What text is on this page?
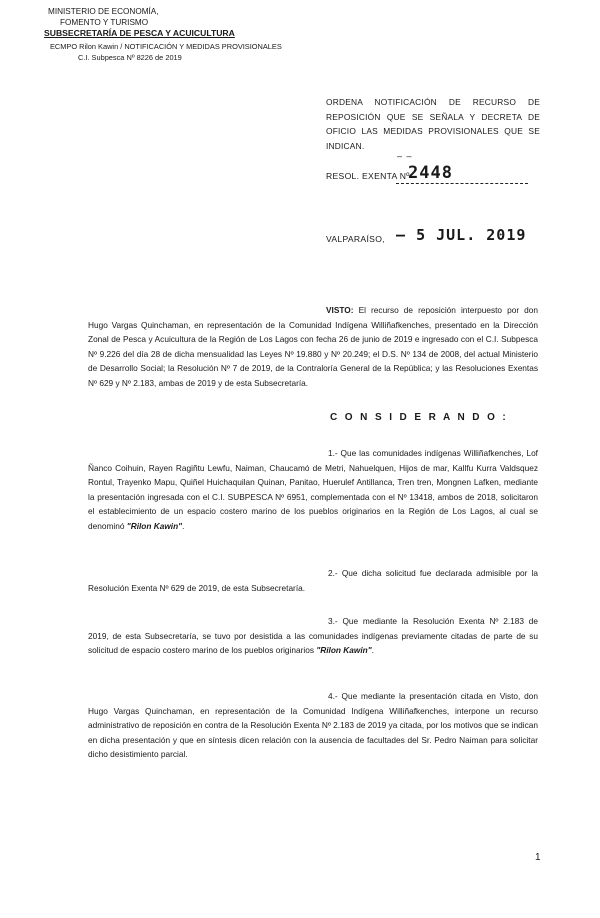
MINISTERIO DE ECONOMÍA,
FOMENTO Y TURISMO
SUBSECRETARÍA DE PESCA Y ACUICULTURA
ECMPO Rilon Kawin / NOTIFICACIÓN Y MEDIDAS PROVISIONALES
C.I. Subpesca Nº 8226 de 2019
ORDENA NOTIFICACIÓN DE RECURSO DE REPOSICIÓN QUE SE SEÑALA Y DECRETA DE OFICIO LAS MEDIDAS PROVISIONALES QUE SE INDICAN.
– –
RESOL. EXENTA Nº
2448
VALPARAÍSO, – 5 JUL. 2019
VISTO: El recurso de reposición interpuesto por don Hugo Vargas Quinchaman, en representación de la Comunidad Indígena Williñafkenches, presentado en la Dirección Zonal de Pesca y Acuicultura de la Región de Los Lagos con fecha 26 de junio de 2019 e ingresado con el C.I. Subpesca Nº 9.226 del día 28 de dicha mensualidad las Leyes Nº 19.880 y Nº 20.249; el D.S. Nº 134 de 2008, del actual Ministerio de Desarrollo Social; la Resolución Nº 7 de 2019, de la Contraloría General de la República; y las Resoluciones Exentas Nº 629 y Nº 2.183, ambas de 2019 y de esta Subsecretaría.
C O N S I D E R A N D O :
1.- Que las comunidades indígenas Williñafkenches, Lof Ñanco Coihuin, Rayen Ragiñtu Lewfu, Naiman, Chaucamó de Metri, Nahuelquen, Hijos de mar, Kallfu Kurra Valdsquez Rontul, Trayenko Mapu, Quiñel Huichaquilan Quinan, Panitao, Huerulef Antillanca, Tren tren, Mongnen Lafken, mediante la presentación ingresada con el C.I. SUBPESCA Nº 6951, complementada con el Nº 13418, ambos de 2018, solicitaron el establecimiento de un espacio costero marino de los pueblos originarios en la Región de Los Lagos, al cual se denominó "Rilon Kawin".
2.- Que dicha solicitud fue declarada admisible por la Resolución Exenta Nº 629 de 2019, de esta Subsecretaría.
3.- Que mediante la Resolución Exenta Nº 2.183 de 2019, de esta Subsecretaría, se tuvo por desistida a las comunidades indígenas previamente citadas de parte de su solicitud de espacio costero marino de los pueblos originarios "Rilon Kawin".
4.- Que mediante la presentación citada en Visto, don Hugo Vargas Quinchaman, en representación de la Comunidad Indígena Williñafkenches, interpone un recurso administrativo de reposición en contra de la Resolución Exenta Nº 2.183 de 2019 ya citada, por los motivos que se indican en dicha presentación y que en síntesis dicen relación con la ausencia de facultades del Sr. Pedro Naiman para solicitar dicho desistimiento parcial.
1
